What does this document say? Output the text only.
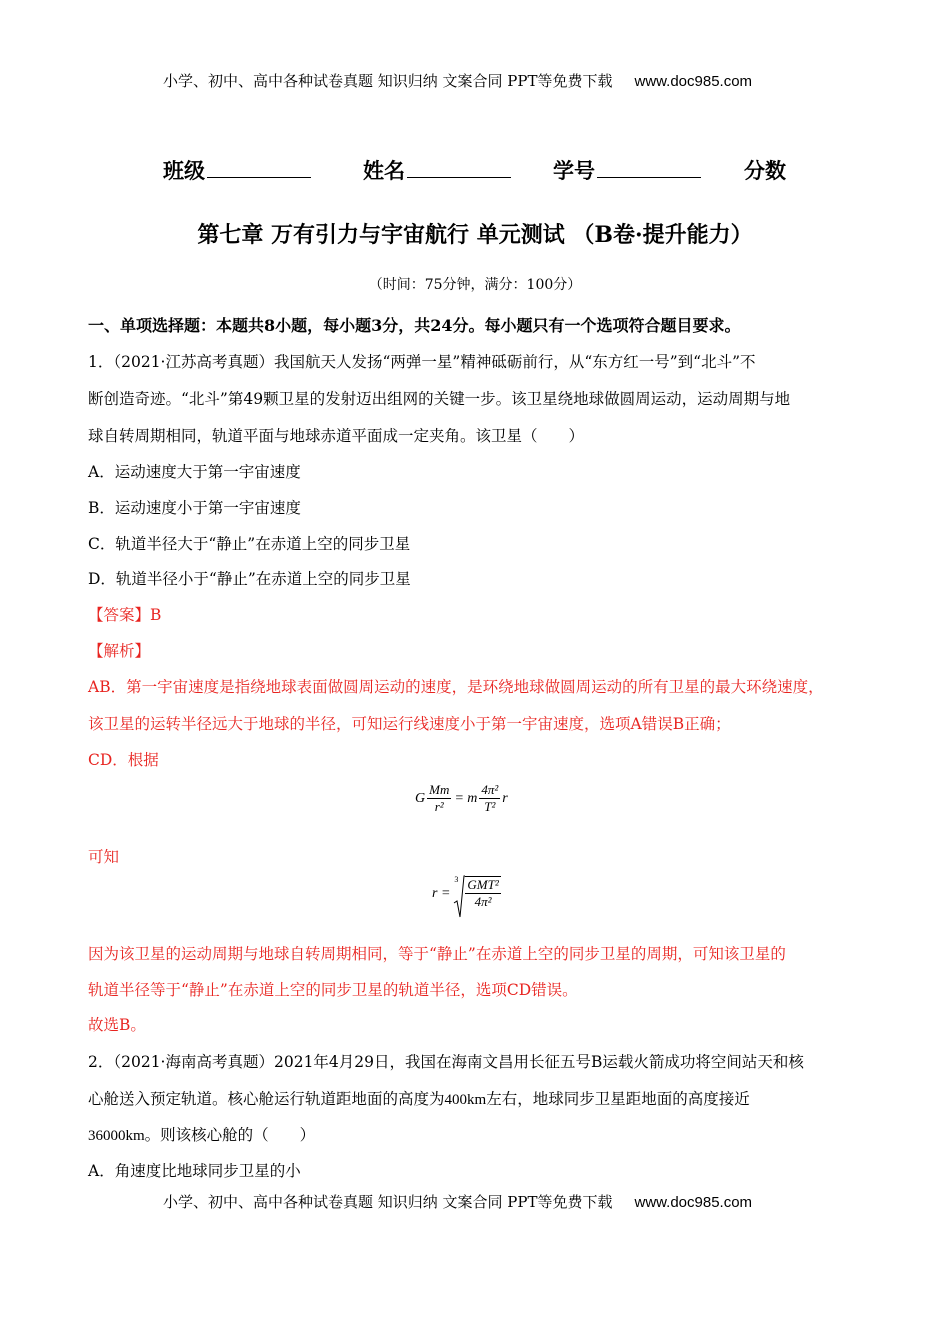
小学、初中、高中各种试卷真题 知识归纳 文案合同 PPT等免费下载 www.doc985.com
班级	姓名	学号	分数
第七章 万有引力与宇宙航行 单元测试 （B卷·提升能力）
（时间：75分钟，满分：100分）
一、单项选择题：本题共8小题，每小题3分，共24分。每小题只有一个选项符合题目要求。
1．（2021·江苏高考真题）我国航天人发扬“两弹一星”精神砥砺前行，从“东方红一号”到“北斗”不
断创造奇迹。“北斗”第49颗卫星的发射迈出组网的关键一步。该卫星绕地球做圆周运动，运动周期与地
球自转周期相同，轨道平面与地球赤道平面成一定夹角。该卫星（　　）
A．运动速度大于第一宇宙速度
B．运动速度小于第一宇宙速度
C．轨道半径大于“静止”在赤道上空的同步卫星
D．轨道半径小于“静止”在赤道上空的同步卫星
【答案】B
【解析】
AB．第一宇宙速度是指绕地球表面做圆周运动的速度，是环绕地球做圆周运动的所有卫星的最大环绕速度，
该卫星的运转半径远大于地球的半径，可知运行线速度小于第一宇宙速度，选项A错误B正确；
CD．根据
G $\frac{Mm}{\text{r²}} = m \frac{\text{4π²}}{\text{T²}}$ r
可知
r =
$3 \frac{\text{GMT²}}{\text{4π²}}$
因为该卫星的运动周期与地球自转周期相同，等于“静止”在赤道上空的同步卫星的周期，可知该卫星的
轨道半径等于“静止”在赤道上空的同步卫星的轨道半径，选项CD错误。
故选B。
2．（2021·海南高考真题）2021年4月29日，我国在海南文昌用长征五号B运载火箭成功将空间站天和核
心舱送入预定轨道。核心舱运行轨道距地面的高度为400km左右，地球同步卫星距地面的高度接近
36000km。则该核心舱的（　　）
A．角速度比地球同步卫星的小
小学、初中、高中各种试卷真题 知识归纳 文案合同 PPT等免费下载 www.doc985.com
